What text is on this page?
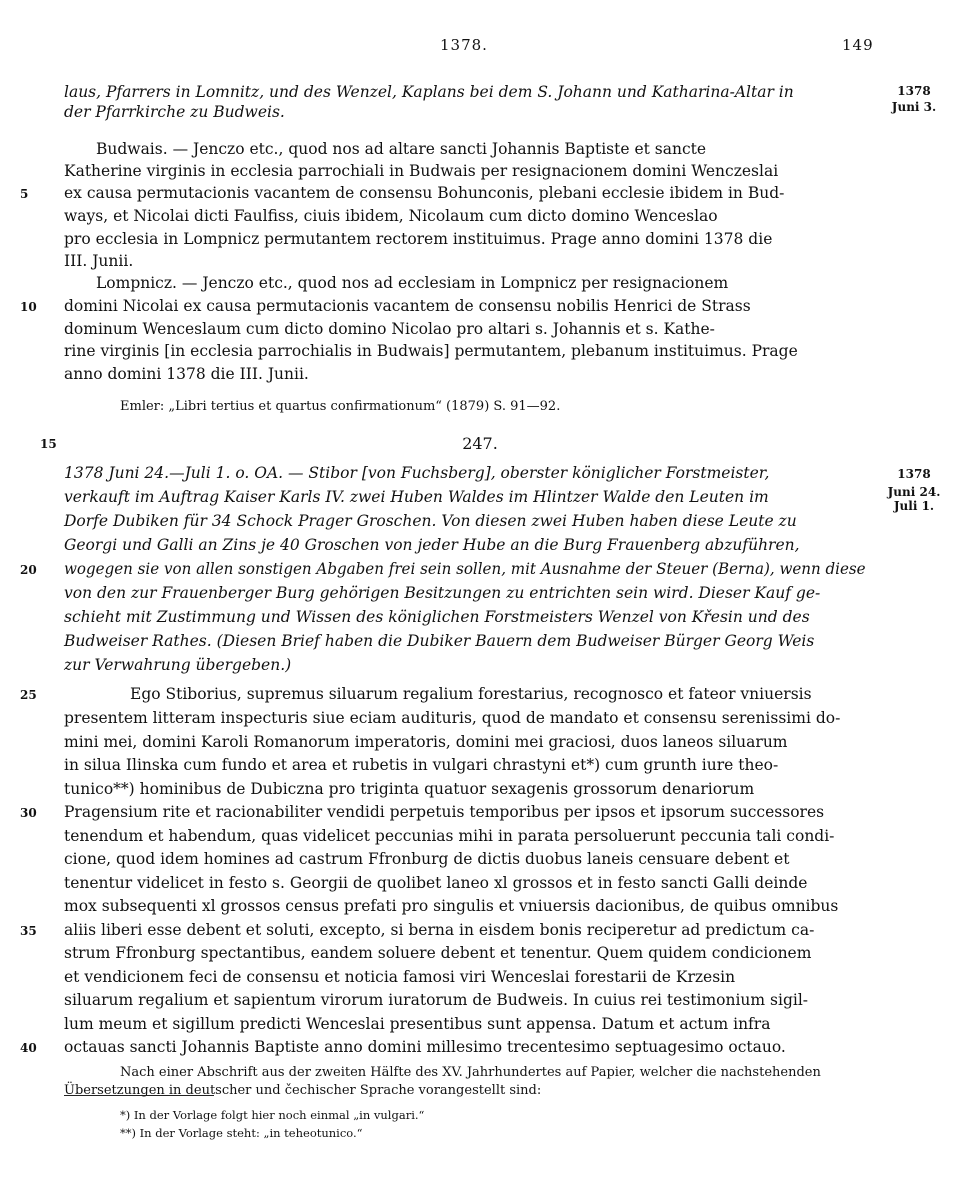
1378.	149
laus, Pfarrers in Lomnitz, und des Wenzel, Kaplans bei dem S. Johann und Katharina-Altar in
der Pfarrkirche zu Budweis.
1378
Juni 3.
Budwais. — Jenczo etc., quod nos ad altare sancti Johannis Baptiste et sancte
Katherine virginis in ecclesia parrochiali in Budwais per resignacionem domini Wenczeslai
ex causa permutacionis vacantem de consensu Bohunconis, plebani ecclesie ibidem in Bud-
ways, et Nicolai dicti Faulfiss, ciuis ibidem, Nicolaum cum dicto domino Wenceslao
pro ecclesia in Lompnicz permutantem rectorem instituimus. Prage anno domini 1378 die
III. Junii.
Lompnicz. — Jenczo etc., quod nos ad ecclesiam in Lompnicz per resignacionem
domini Nicolai ex causa permutacionis vacantem de consensu nobilis Henrici de Strass
dominum Wenceslaum cum dicto domino Nicolao pro altari s. Johannis et s. Kathe-
rine virginis [in ecclesia parrochialis in Budwais] permutantem, plebanum instituimus. Prage
anno domini 1378 die III. Junii.
Emler: „Libri tertius et quartus confirmationum“ (1879) S. 91—92.
247.
1378 Juni 24.—Juli 1. o. OA. — Stibor [von Fuchsberg], oberster königlicher Forstmeister,
verkauft im Auftrag Kaiser Karls IV. zwei Huben Waldes im Hlintzer Walde den Leuten im
Dorfe Dubiken für 34 Schock Prager Groschen. Von diesen zwei Huben haben diese Leute zu
Georgi und Galli an Zins je 40 Groschen von jeder Hube an die Burg Frauenberg abzuführen,
wogegen sie von allen sonstigen Abgaben frei sein sollen, mit Ausnahme der Steuer (Berna), wenn diese
von den zur Frauenberger Burg gehörigen Besitzungen zu entrichten sein wird. Dieser Kauf ge-
schieht mit Zustimmung und Wissen des königlichen Forstmeisters Wenzel von Křesin und des
Budweiser Rathes. (Diesen Brief haben die Dubiker Bauern dem Budweiser Bürger Georg Weis
zur Verwahrung übergeben.)
1378
Juni 24.
Juli 1.
Ego Stiborius, supremus siluarum regalium forestarius, recognosco et fateor vniuersis
presentem litteram inspecturis siue eciam audituris, quod de mandato et consensu serenissimi do-
mini mei, domini Karoli Romanorum imperatoris, domini mei graciosi, duos laneos siluarum
in silua Ilinska cum fundo et area et rubetis in vulgari chrastyni et*) cum grunth iure theo-
tunico**) hominibus de Dubiczna pro triginta quatuor sexagenis grossorum denariorum
Pragensium rite et racionabiliter vendidi perpetuis temporibus per ipsos et ipsorum successores
tenendum et habendum, quas videlicet peccunias mihi in parata persoluerunt peccunia tali condi-
cione, quod idem homines ad castrum Ffronburg de dictis duobus laneis censuare debent et
tenentur videlicet in festo s. Georgii de quolibet laneo xl grossos et in festo sancti Galli deinde
mox subsequenti xl grossos census prefati pro singulis et vniuersis dacionibus, de quibus omnibus
aliis liberi esse debent et soluti, excepto, si berna in eisdem bonis reciperetur ad predictum ca-
strum Ffronburg spectantibus, eandem soluere debent et tenentur. Quem quidem condicionem
et vendicionem feci de consensu et noticia famosi viri Wenceslai forestarii de Krzesin
siluarum regalium et sapientum virorum iuratorum de Budweis. In cuius rei testimonium sigil-
lum meum et sigillum predicti Wenceslai presentibus sunt appensa. Datum et actum infra
octauas sancti Johannis Baptiste anno domini millesimo trecentesimo septuagesimo octauo.
Nach einer Abschrift aus der zweiten Hälfte des XV. Jahrhundertes auf Papier, welcher die nachstehenden
Übersetzungen in deutscher und čechischer Sprache vorangestellt sind:
*) In der Vorlage folgt hier noch einmal „in vulgari.“
**) In der Vorlage steht: „in teheotunico.“
5
10
15
20
25
30
35
40
